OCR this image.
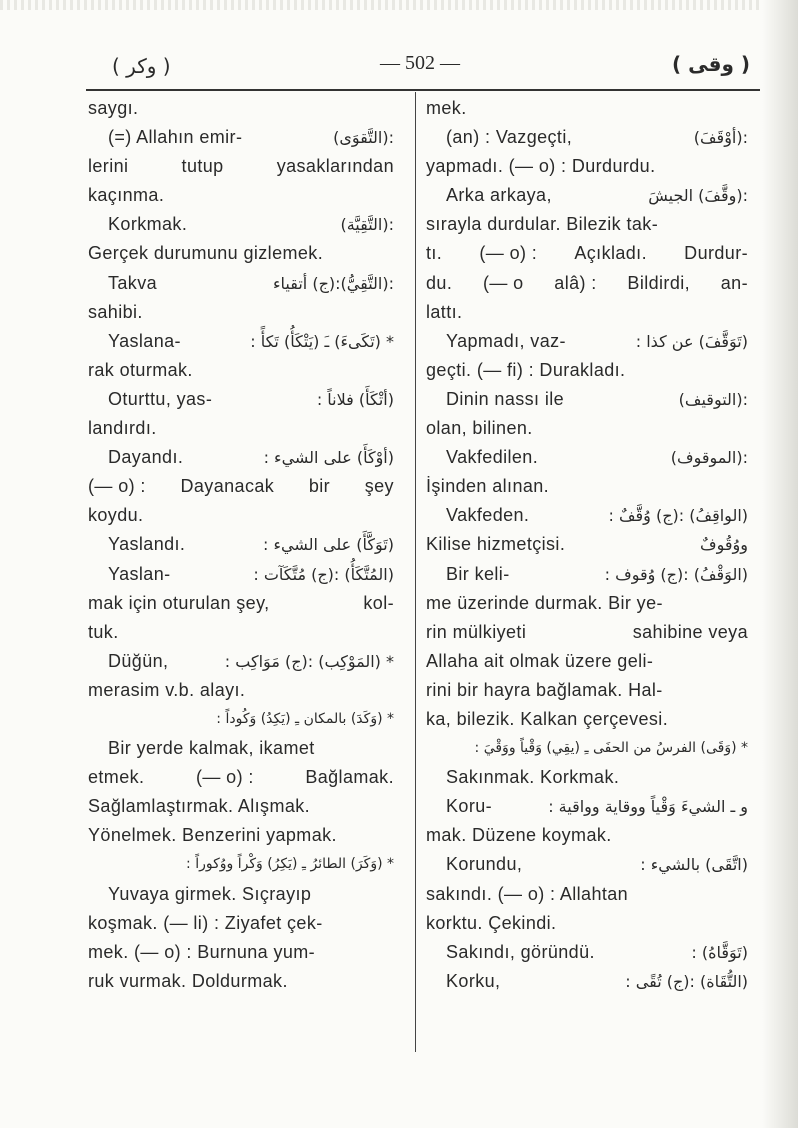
( وكر )	— 502 —	( وقى )
saygı.
(=) Allahın emir-	:(التَّقوَى)
lerini	tutup	yasaklarından
kaçınma.
Korkmak.	:(التَّقِيَّة)
Gerçek durumunu gizlemek.
Takva	:(التَّقِيُّ):(ج) أتقياء
sahibi.
Yaslana-	* (تَكَىءَ) ـَ (يَتْكَأُ) تَكأً :
rak oturmak.
Oturttu, yas-	(أتْكَأَ) فلاناً :
landırdı.
Dayandı.	(أوْكَأَ) على الشيء :
(— o) : Dayanacak bir şey
koydu.
Yaslandı.	(تَوَكَّأَ) على الشيء :
Yaslan-	(المُتَّكَأُ) :(ج) مُتَّكَآت :
mak için oturulan şey,	kol-
tuk.
Düğün,	* (المَوْكِب) :(ج) مَوَاكِب :
merasim v.b. alayı.
* (وَكَدَ) بالمكان ـِ (يَكِدُ) وَكُوداً :
Bir yerde kalmak, ikamet
etmek.	(— o) :	Bağlamak.
Sağlamlaştırmak. Alışmak.
Yönelmek. Benzerini yapmak.
* (وَكَرَ) الطائرُ ـِ (يَكِرُ) وَكْراً ووُكوراً :
Yuvaya girmek. Sıçrayıp
koşmak. (— li) : Ziyafet çek-
mek. (— o) : Burnuna yum-
ruk vurmak. Doldurmak.
mek.
(an) : Vazgeçti,	:(أوْقَفَ)
yapmadı. (— o) : Durdurdu.
Arka arkaya,	:(وقَّفَ) الجيشَ
sırayla durdular. Bilezik tak-
tı. (— o) : Açıkladı. Durdur-
du. (— o alâ) : Bildirdi, an-
lattı.
Yapmadı, vaz-	(تَوَقَّفَ) عن كذا :
geçti. (— fi) : Durakladı.
Dinin nassı ile	:(التوقيف)
olan, bilinen.
Vakfedilen.	:(الموقوف)
İşinden alınan.
Vakfeden.	(الواقِفُ) :(ج) وُقَّفٌ :
Kilise hizmetçisi.	ووُقُوفٌ
Bir keli-	(الوَقْفُ) :(ج) وُقوف :
me üzerinde durmak. Bir ye-
rin mülkiyeti	sahibine veya
Allaha ait olmak üzere geli-
rini bir hayra bağlamak. Hal-
ka, bilezik. Kalkan çerçevesi.
* (وَقَى) الفرسُ من الحفَى ـِ (يقِي) وَقْياً ووَقْيَ :
Sakınmak. Korkmak.
Koru-	و ـ الشيءَ وَقْياً ووقاية وواقية :
mak. Düzene koymak.
Korundu,	(اتَّقَى) بالشيء :
sakındı. (— o) : Allahtan
korktu. Çekindi.
Sakındı, göründü.	(تَوَقَّاهُ) :
Korku,	(التُّقَاة) :(ج) تُقًى :
